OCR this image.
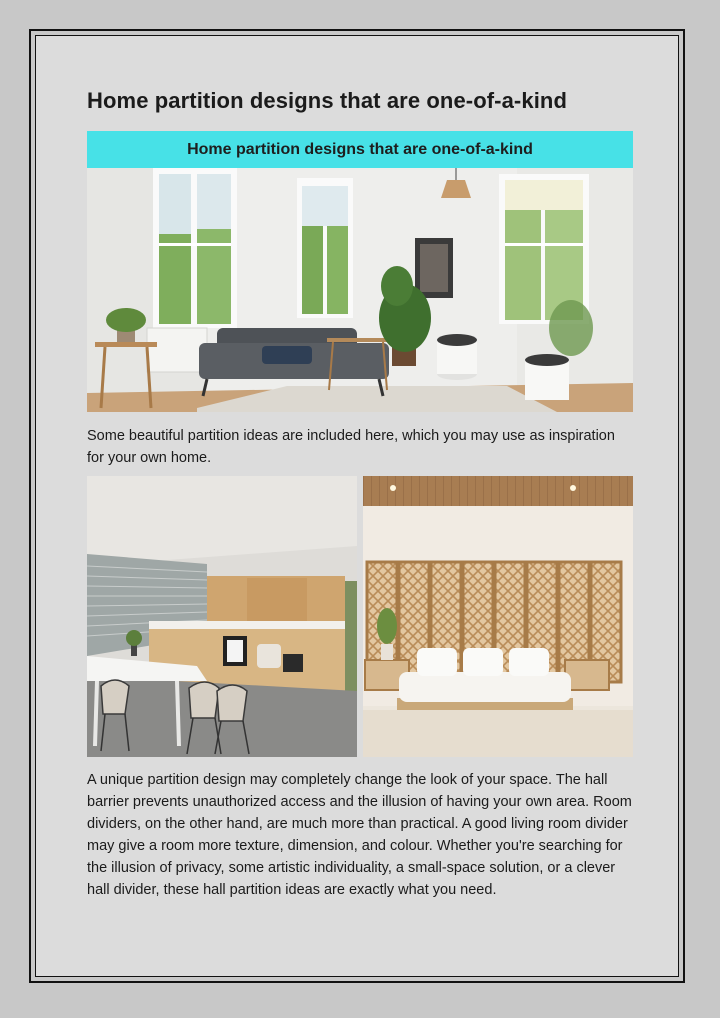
Home partition designs that are one-of-a-kind
Home partition designs that are one-of-a-kind
Some beautiful partition ideas are included here, which you may use as inspiration for your own home.
A unique partition design may completely change the look of your space. The hall barrier prevents unauthorized access and the illusion of having your own area. Room dividers, on the other hand, are much more than practical. A good living room divider may give a room more texture, dimension, and colour. Whether you're searching for the illusion of privacy, some artistic individuality, a small-space solution, or a clever hall divider, these hall partition ideas are exactly what you need.
